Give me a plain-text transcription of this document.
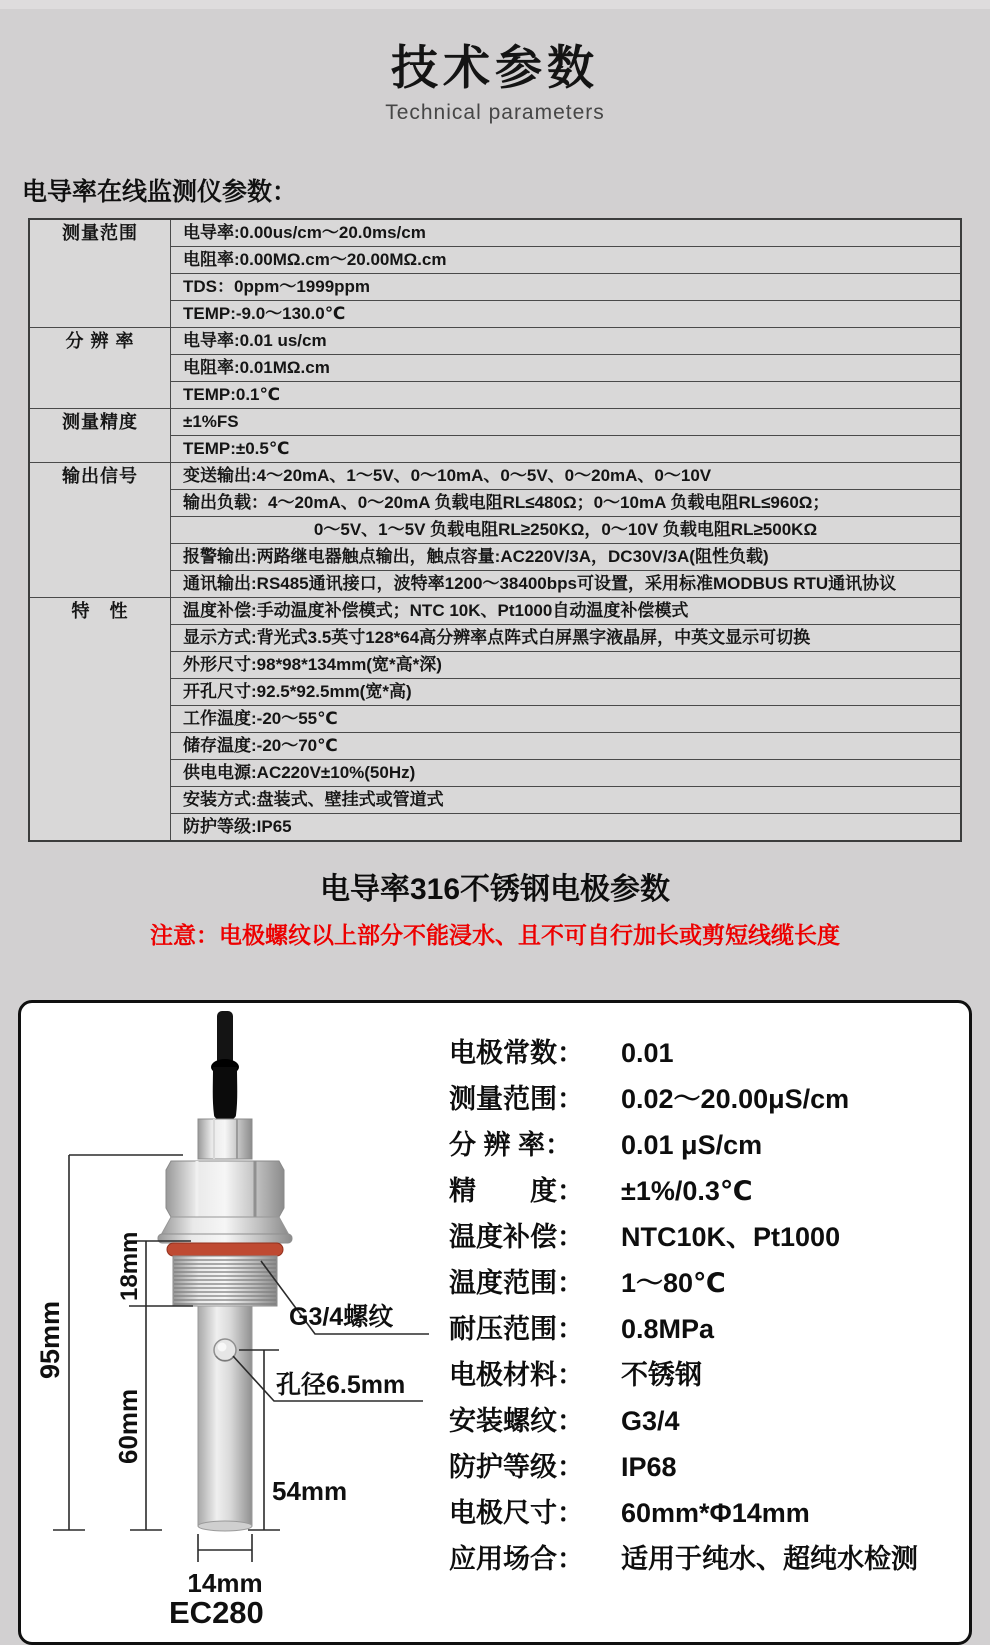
技术参数
Technical parameters
电导率在线监测仪参数：
测量范围	电导率:0.00us/cm～20.0ms/cm
	电阻率:0.00MΩ.cm～20.00MΩ.cm
	TDS：0ppm～1999ppm
	TEMP:-9.0～130.0℃
分 辨 率	电导率:0.01 us/cm
	电阻率:0.01MΩ.cm
	TEMP:0.1℃
测量精度	±1%FS
	TEMP:±0.5℃
输出信号	变送输出:4～20mA、1～5V、0～10mA、0～5V、0～20mA、0～10V
	输出负载：4～20mA、0～20mA 负载电阻RL≤480Ω；0～10mA 负载电阻RL≤960Ω；
	0～5V、1～5V 负载电阻RL≥250KΩ，0～10V 负载电阻RL≥500KΩ
	报警输出:两路继电器触点输出，触点容量:AC220V/3A，DC30V/3A(阻性负载)
	通讯输出:RS485通讯接口，波特率1200～38400bps可设置，采用标准MODBUS RTU通讯协议
特　性	温度补偿:手动温度补偿模式；NTC 10K、Pt1000自动温度补偿模式
	显示方式:背光式3.5英寸128*64高分辨率点阵式白屏黑字液晶屏，中英文显示可切换
	外形尺寸:98*98*134mm(宽*高*深)
	开孔尺寸:92.5*92.5mm(宽*高)
	工作温度:-20～55℃
	储存温度:-20～70℃
	供电电源:AC220V±10%(50Hz)
	安装方式:盘装式、壁挂式或管道式
	防护等级:IP65
电导率316不锈钢电极参数
注意：电极螺纹以上部分不能浸水、且不可自行加长或剪短线缆长度
95mm
18mm
60mm
54mm
14mm
G3/4螺纹
孔径6.5mm
EC280
电极常数：	0.01
测量范围：	0.02～20.00μS/cm
分 辨 率：	0.01 μS/cm
精　　度：	±1%/0.3℃
温度补偿：	NTC10K、Pt1000
温度范围：	1～80℃
耐压范围：	0.8MPa
电极材料：	不锈钢
安装螺纹：	G3/4
防护等级：	IP68
电极尺寸：	60mm*Φ14mm
应用场合：	适用于纯水、超纯水检测
